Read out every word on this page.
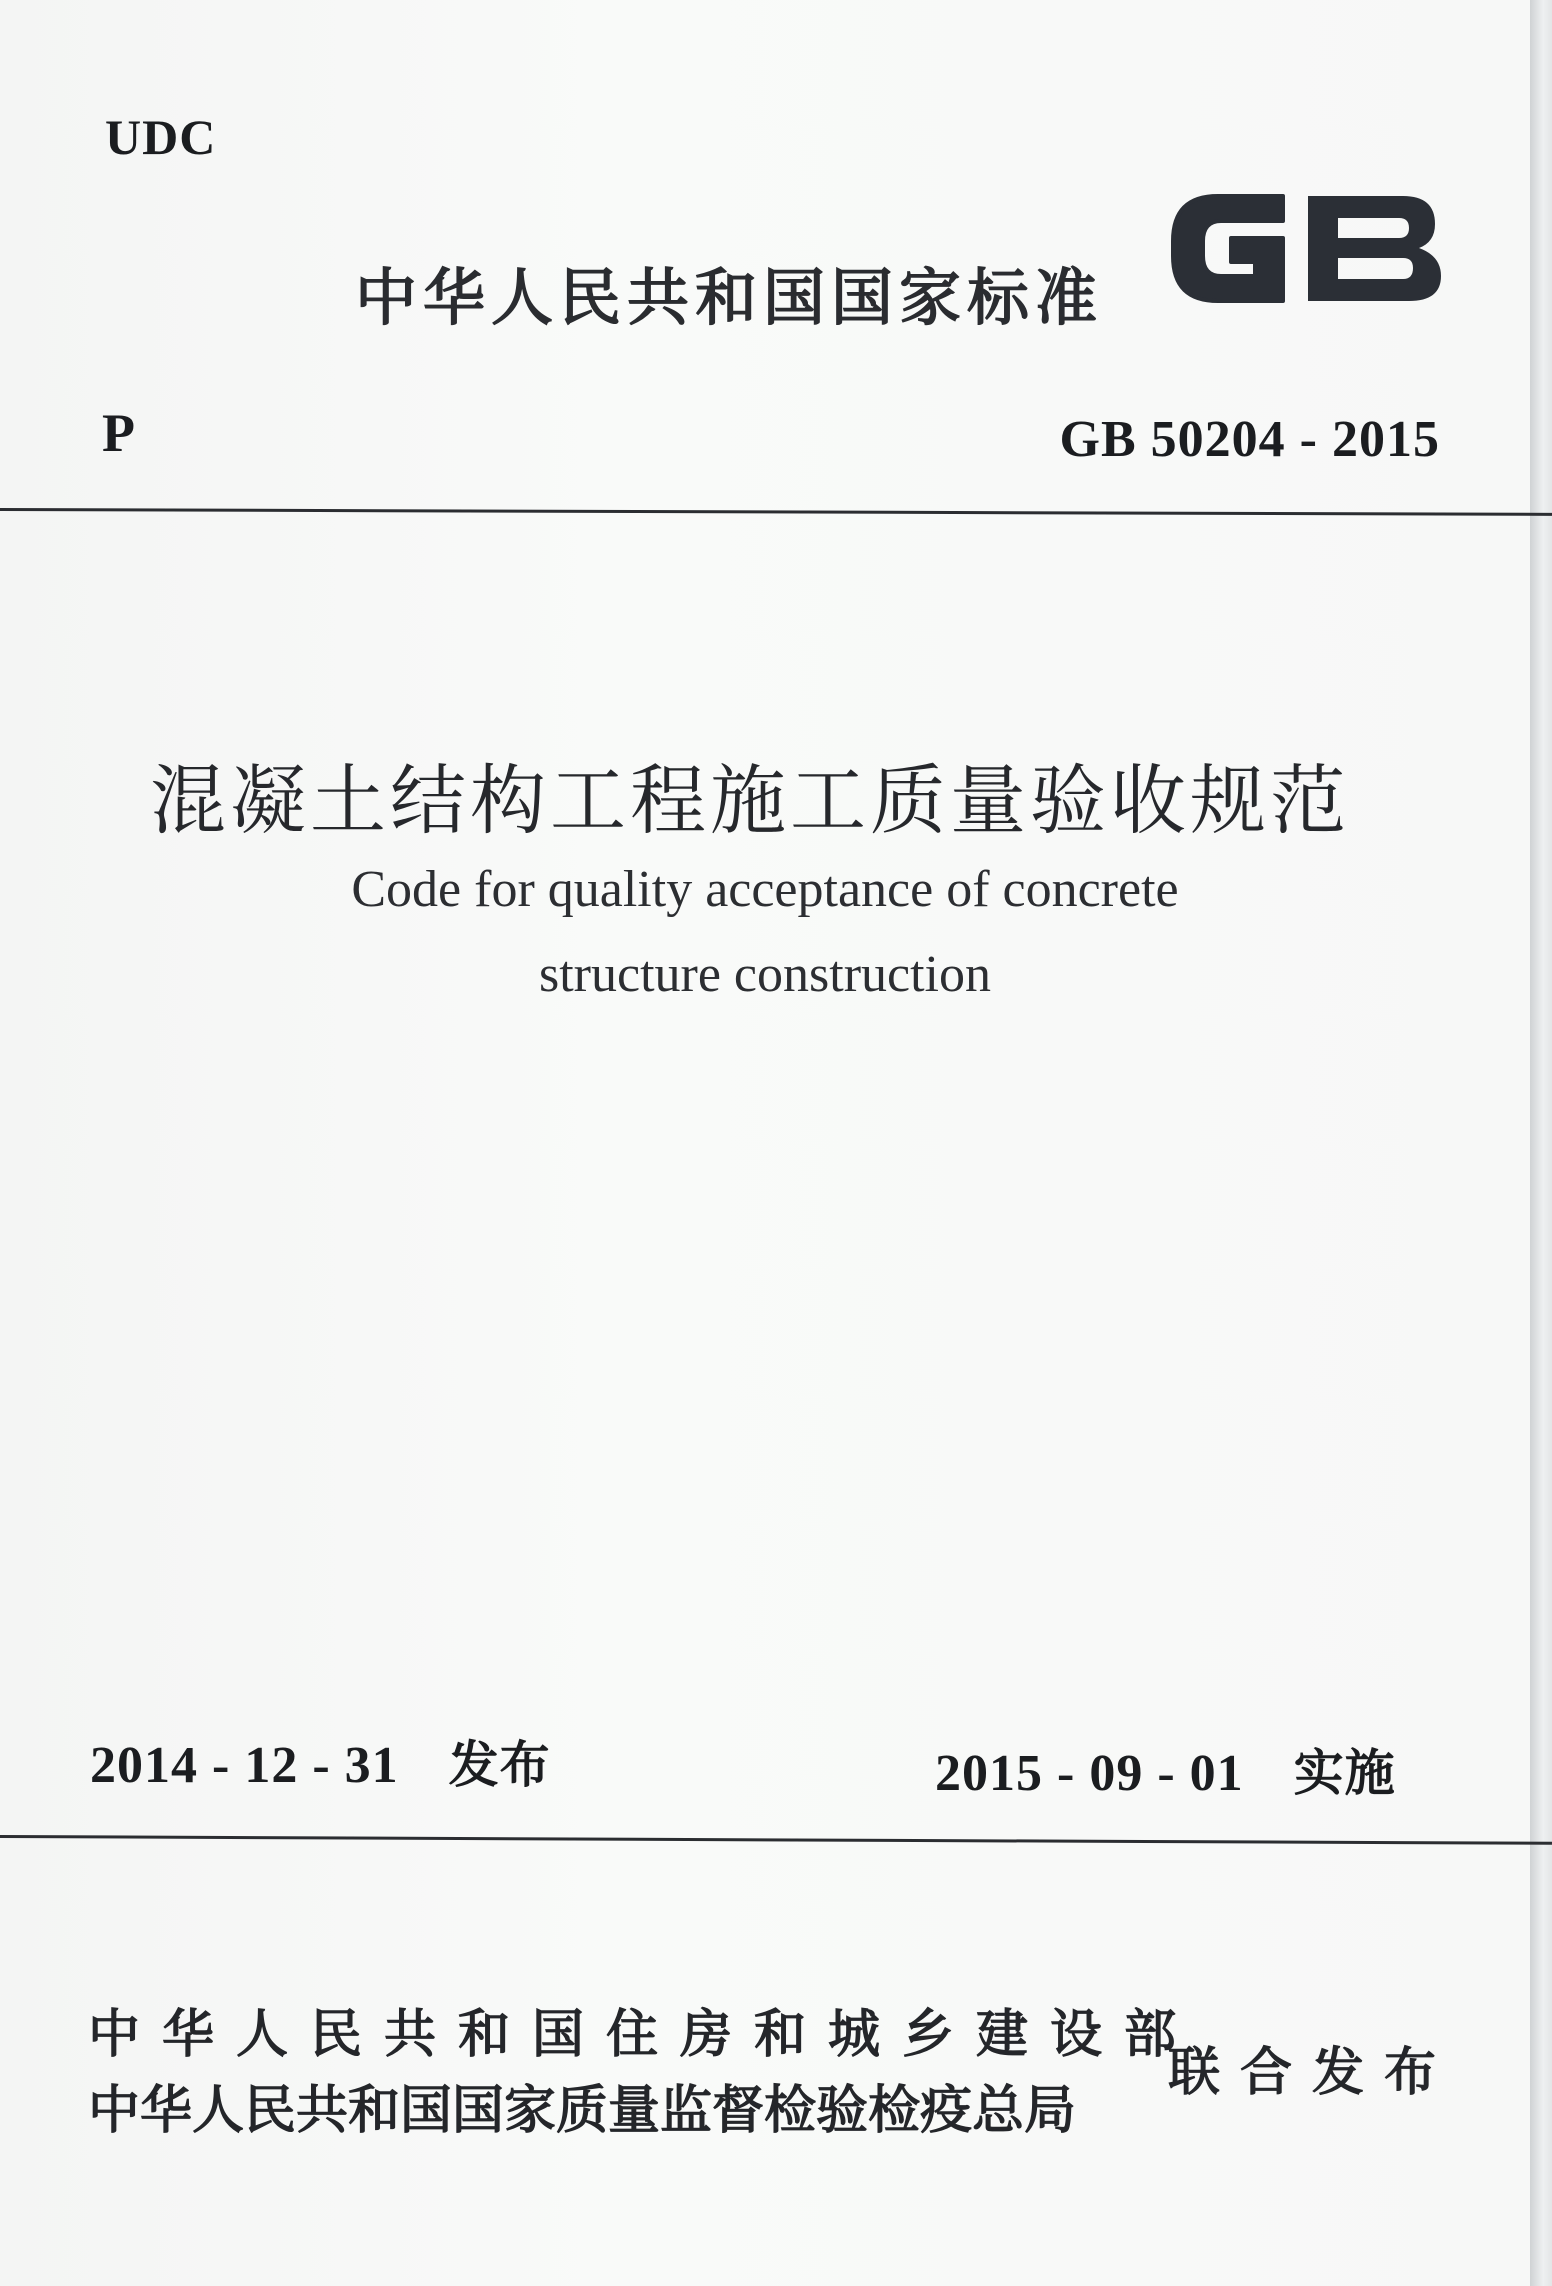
UDC
中华人民共和国国家标准
P	GB 50204 - 2015
混凝土结构工程施工质量验收规范
Code for quality acceptance of concrete
structure construction
2014 - 12 - 31 发布	2015 - 09 - 01 实施
中华人民共和国住房和城乡建设部
中华人民共和国国家质量监督检验检疫总局
联合发布
